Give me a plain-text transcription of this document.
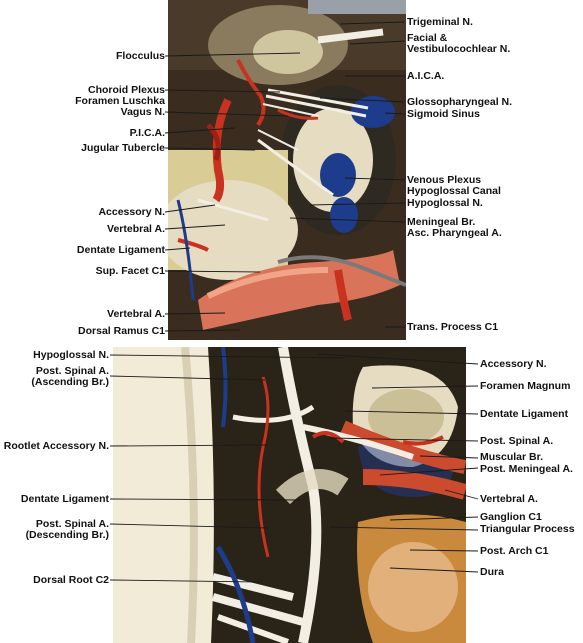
Flocculus
Choroid Plexus
Foramen Luschka
Vagus N.
P.I.C.A.
Jugular Tubercle
Accessory N.
Vertebral A.
Dentate Ligament
Sup. Facet C1
Vertebral A.
Dorsal Ramus C1
Trigeminal N.
Facial &
Vestibulocochlear N.
A.I.C.A.
Glossopharyngeal N.
Sigmoid Sinus
Venous Plexus
Hypoglossal Canal
Hypoglossal N.
Meningeal Br.
Asc. Pharyngeal A.
Trans. Process C1
Hypoglossal N.
Post. Spinal A.
(Ascending Br.)
Rootlet Accessory N.
Dentate Ligament
Post. Spinal A.
(Descending Br.)
Dorsal Root C2
Accessory N.
Foramen Magnum
Dentate Ligament
Post. Spinal A.
Muscular Br.
Post. Meningeal A.
Vertebral A.
Ganglion C1
Triangular Process
Post. Arch C1
Dura
